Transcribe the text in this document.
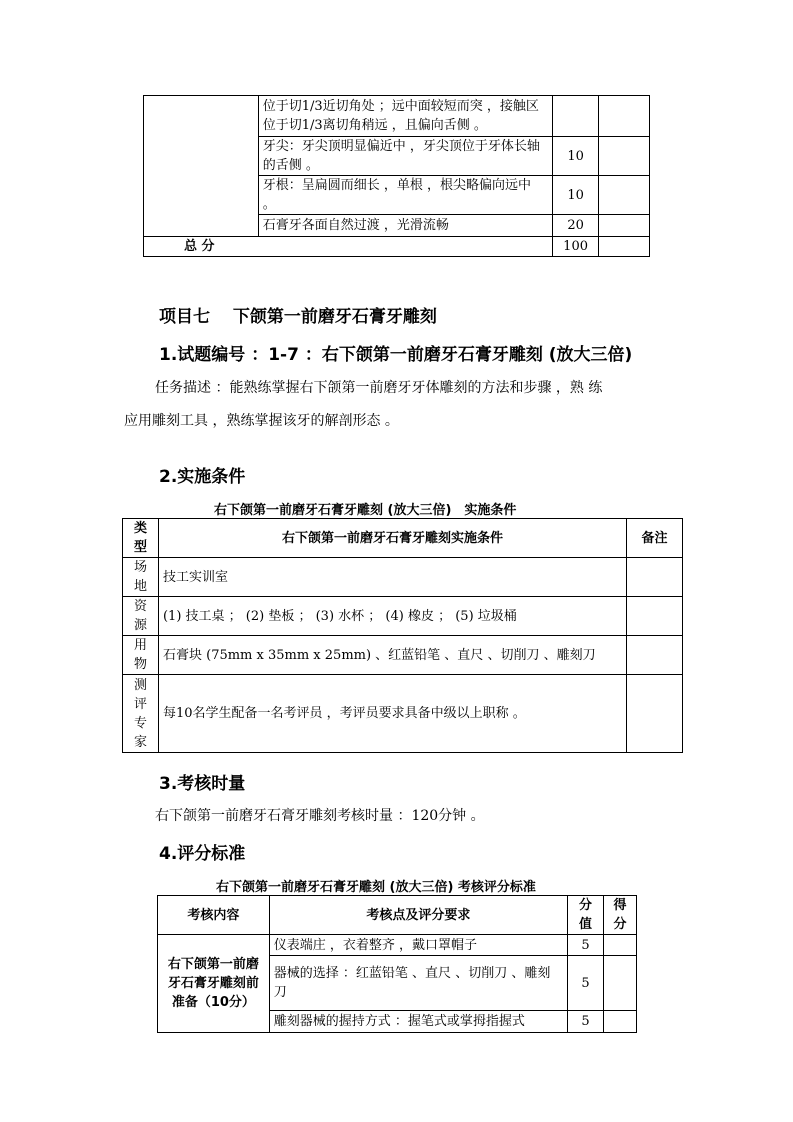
	位于切1/3近切角处 ；远中面较短而突 ，接触区位于切1/3离切角稍远 ，且偏向舌侧 。		
	牙尖：牙尖顶明显偏近中 ，牙尖顶位于牙体长轴的舌侧 。	10	
	牙根：呈扁圆而细长 ，单根 ，根尖略偏向远中 。	10	
	石膏牙各面自然过渡 ，光滑流畅	20	
总 分		100	
项目七　 下颌第一前磨牙石膏牙雕刻
1.试题编号 ：1-7 ：右下颌第一前磨牙石膏牙雕刻 (放大三倍)
任务描述 ：能熟练掌握右下颌第一前磨牙牙体雕刻的方法和步骤 ，熟 练
应用雕刻工具 ，熟练掌握该牙的解剖形态 。
2.实施条件
右下颌第一前磨牙石膏牙雕刻 (放大三倍)　实施条件
类型	右下颌第一前磨牙石膏牙雕刻实施条件	备注
场地	技工实训室	
资源	(1) 技工桌 ； (2) 垫板 ； (3) 水杯 ； (4) 橡皮 ； (5) 垃圾桶	
用物	石膏块 (75mm x 35mm x 25mm) 、红蓝铅笔 、直尺 、切削刀 、雕刻刀	
测评专家	每10名学生配备一名考评员 ，考评员要求具备中级以上职称 。	
3.考核时量
右下颌第一前磨牙石膏牙雕刻考核时量 ：120分钟 。
4.评分标准
右下颌第一前磨牙石膏牙雕刻 (放大三倍) 考核评分标准
考核内容	考核点及评分要求	分值	得分
右下颌第一前磨牙石膏牙雕刻前准备（10分）	仪表端庄 ，衣着整齐 ，戴口罩帽子	5	
	器械的选择 ：红蓝铅笔 、直尺 、切削刀 、雕刻刀	5	
	雕刻器械的握持方式 ：握笔式或掌拇指握式	5	
